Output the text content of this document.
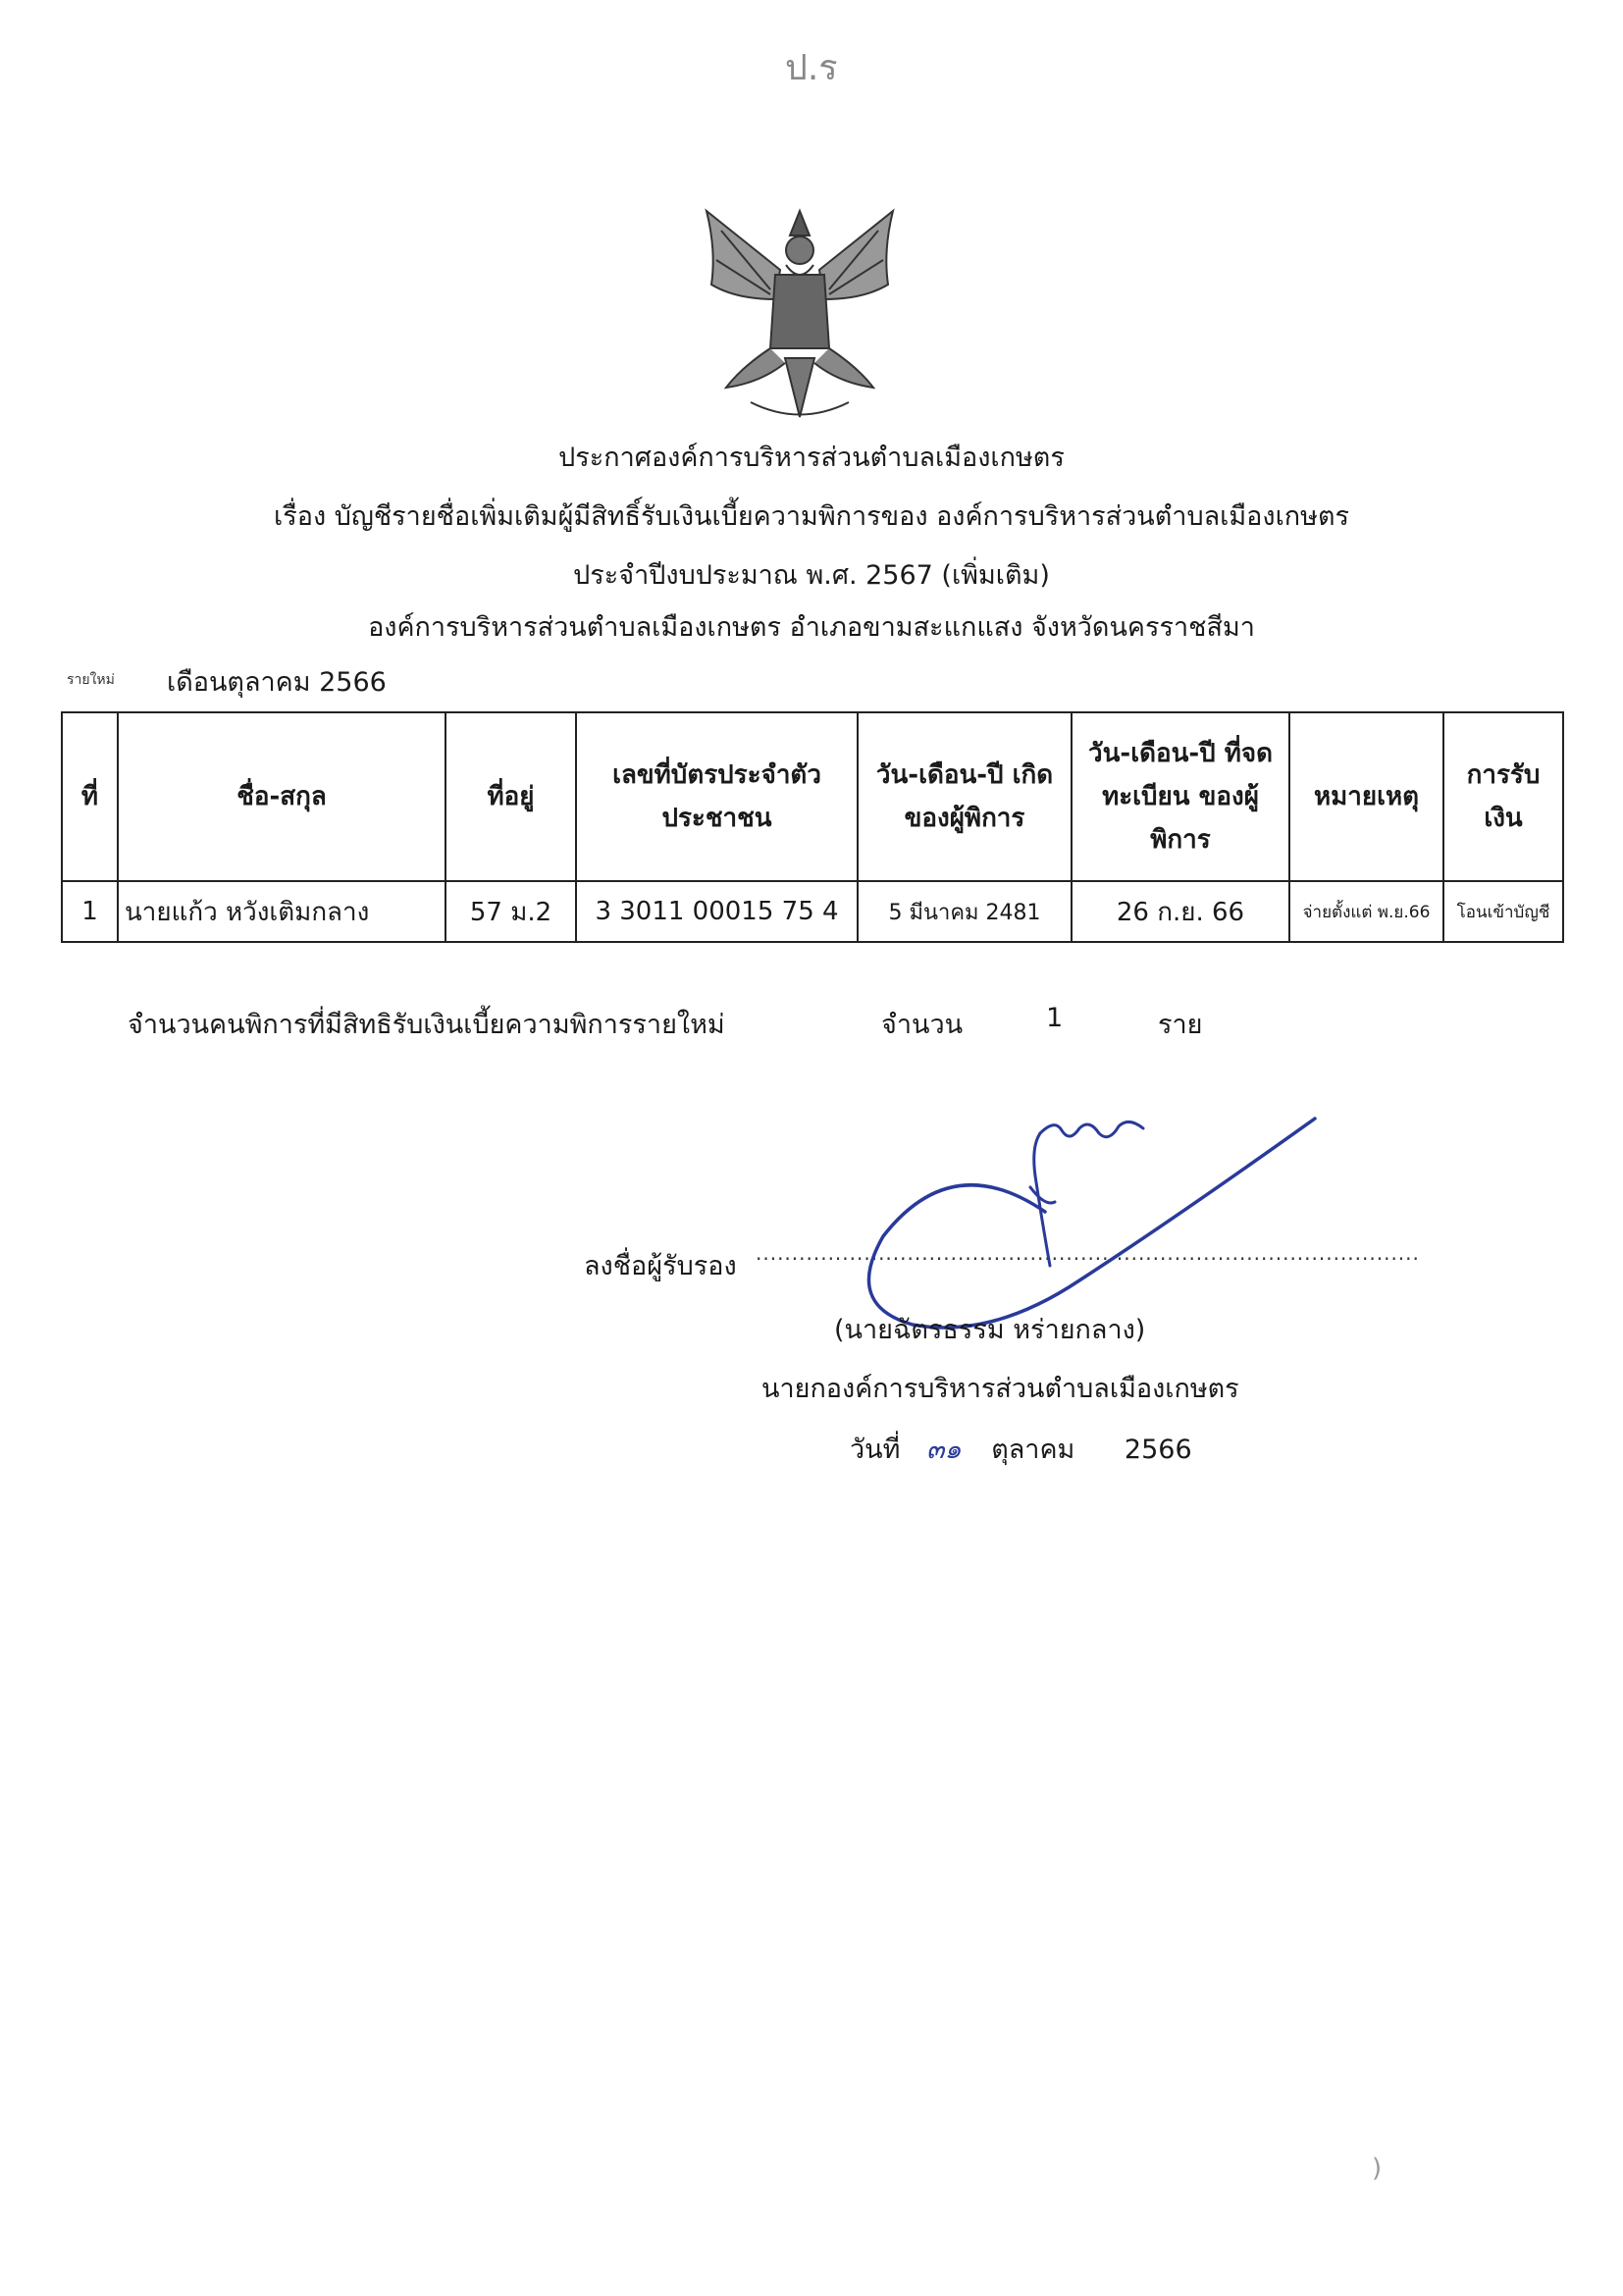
ป.ร
ประกาศองค์การบริหารส่วนตำบลเมืองเกษตร
เรื่อง บัญชีรายชื่อเพิ่มเติมผู้มีสิทธิ์รับเงินเบี้ยความพิการของ องค์การบริหารส่วนตำบลเมืองเกษตร
ประจำปีงบประมาณ พ.ศ. 2567 (เพิ่มเติม)
องค์การบริหารส่วนตำบลเมืองเกษตร อำเภอขามสะแกแสง จังหวัดนครราชสีมา
รายใหม่ เดือนตุลาคม 2566
ที่	ชื่อ-สกุล	ที่อยู่	เลขที่บัตรประจำตัว ประชาชน	วัน-เดือน-ปี เกิด ของผู้พิการ	วัน-เดือน-ปี ที่จดทะเบียน ของผู้พิการ	หมายเหตุ	การรับเงิน
1	นายแก้ว หวังเติมกลาง	57 ม.2	3 3011 00015 75 4	5 มีนาคม 2481	26 ก.ย. 66	จ่ายตั้งแต่ พ.ย.66	โอนเข้าบัญชี
จำนวนคนพิการที่มีสิทธิรับเงินเบี้ยความพิการรายใหม่	จำนวน	1	ราย
ลงชื่อผู้รับรอง ............................................................................................
(นายฉัตรธรรม หร่ายกลาง)
นายกองค์การบริหารส่วนตำบลเมืองเกษตร
วันที่ ๓๑ ตุลาคม 2566
)
